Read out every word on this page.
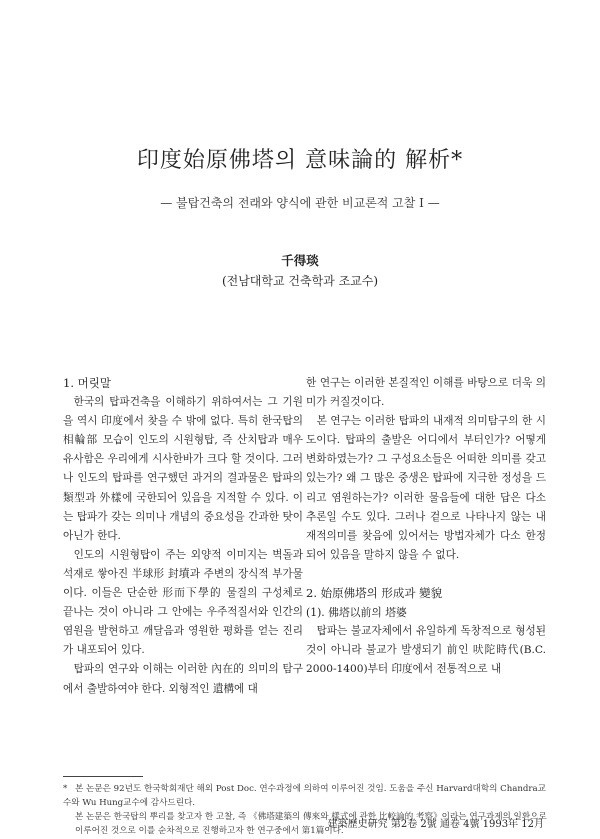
印度始原佛塔의 意味論的 解析*
— 불탑건축의 전래와 양식에 관한 비교론적 고찰 I —
千得琰
(전남대학교 건축학과 조교수)

1. 머릿말

한국의 탑파건축을 이해하기 위하여서는 그 기원을 역시 印度에서 찾을 수 밖에 없다. 특히 한국탑의 相輪部 모습이 인도의 시원형탑, 즉 산치탑과 매우 유사함은 우리에게 시사한바가 크다 할 것이다. 그러나 인도의 탑파를 연구했던 과거의 결과물은 탑파의 類型과 外樣에 국한되어 있음을 지적할 수 있다. 이는 탑파가 갖는 의미나 개념의 중요성을 간과한 탓이 아닌가 한다.

인도의 시원형탑이 주는 외양적 이미지는 벽돌과 석재로 쌓아진 半球形 封墳과 주변의 장식적 부가물이다. 이들은 단순한 形而下學的 물질의 구성체로 끝나는 것이 아니라 그 안에는 우주적질서와 인간의 염원을 발현하고 깨달음과 영원한 평화를 얻는 진리가 내포되어 있다.

탑파의 연구와 이해는 이러한 內在的 의미의 탐구에서 출발하여야 한다. 외형적인 遺構에 대

한 연구는 이러한 본질적인 이해를 바탕으로 더욱 의미가 커질것이다.

본 연구는 이러한 탑파의 내재적 의미탐구의 한 시도이다. 탑파의 출발은 어디에서 부터인가? 어떻게 변화하였는가? 그 구성요소들은 어떠한 의미를 갖고 있는가? 왜 그 많은 중생은 탑파에 지극한 정성을 드리고 염원하는가? 이러한 물음들에 대한 답은 다소 추론일 수도 있다. 그러나 겉으로 나타나지 않는 내재적의미를 찾음에 있어서는 방법자체가 다소 한정되어 있음을 말하지 않을 수 없다.

2. 始原佛塔의 形成과 變貌

(1). 佛塔以前의 塔婆

탑파는 불교자체에서 유일하게 독창적으로 형성된것이 아니라 불교가 발생되기 前인 吠陀時代(B.C. 2000-1400)부터 印度에서 전통적으로 내

* 본 논문은 92년도 한국학회재단 해외 Post Doc. 연수과정에 의하여 이루어진 것임. 도움을 주신 Harvard대학의 Chandra교수와 Wu Hung교수에 감사드린다.

본 논문은 한국탑의 뿌리를 찾고자 한 고찰, 즉 《佛塔建築의 傳來와 樣式에 관한 比較論的 考察》이라는 연구과제의 일환으로 이루어진 것으로 이를 순차적으로 진행하고자 한 연구중에서 第1篇이다.

建築歷史硏究 第2卷 2號 通卷 4號 1993年 12月
